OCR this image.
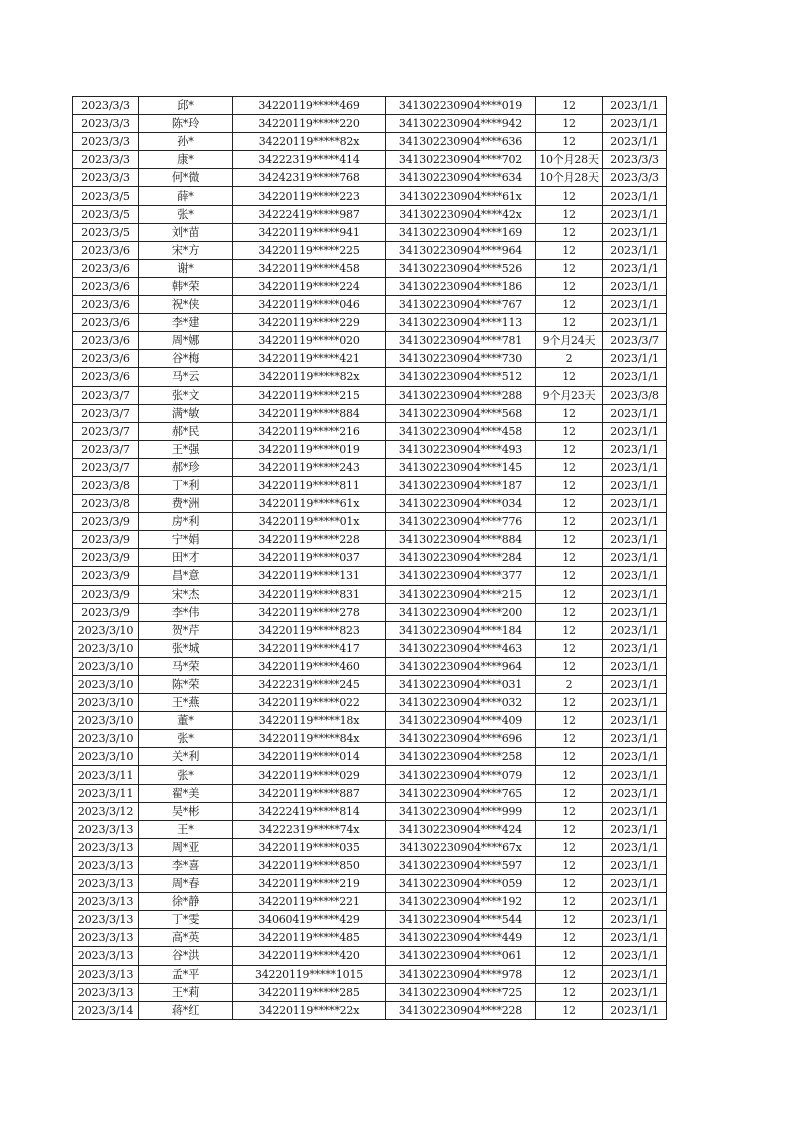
2023/3/3	邱*	34220119*****469	341302230904****019	12	2023/1/1
2023/3/3	陈*玲	34220119*****220	341302230904****942	12	2023/1/1
2023/3/3	孙*	34220119*****82x	341302230904****636	12	2023/1/1
2023/3/3	康*	34222319*****414	341302230904****702	10个月28天	2023/3/3
2023/3/3	何*微	34242319*****768	341302230904****634	10个月28天	2023/3/3
2023/3/5	薛*	34220119*****223	341302230904****61x	12	2023/1/1
2023/3/5	张*	34222419*****987	341302230904****42x	12	2023/1/1
2023/3/5	刘*苗	34220119*****941	341302230904****169	12	2023/1/1
2023/3/6	宋*方	34220119*****225	341302230904****964	12	2023/1/1
2023/3/6	谢*	34220119*****458	341302230904****526	12	2023/1/1
2023/3/6	韩*荣	34220119*****224	341302230904****186	12	2023/1/1
2023/3/6	祝*侠	34220119*****046	341302230904****767	12	2023/1/1
2023/3/6	李*建	34220119*****229	341302230904****113	12	2023/1/1
2023/3/6	周*娜	34220119*****020	341302230904****781	9个月24天	2023/3/7
2023/3/6	谷*梅	34220119*****421	341302230904****730	2	2023/1/1
2023/3/6	马*云	34220119*****82x	341302230904****512	12	2023/1/1
2023/3/7	张*文	34220119*****215	341302230904****288	9个月23天	2023/3/8
2023/3/7	满*敏	34220119*****884	341302230904****568	12	2023/1/1
2023/3/7	郝*民	34220119*****216	341302230904****458	12	2023/1/1
2023/3/7	王*强	34220119*****019	341302230904****493	12	2023/1/1
2023/3/7	郝*珍	34220119*****243	341302230904****145	12	2023/1/1
2023/3/8	丁*利	34220119*****811	341302230904****187	12	2023/1/1
2023/3/8	费*洲	34220119*****61x	341302230904****034	12	2023/1/1
2023/3/9	房*利	34220119*****01x	341302230904****776	12	2023/1/1
2023/3/9	宁*娟	34220119*****228	341302230904****884	12	2023/1/1
2023/3/9	田*才	34220119*****037	341302230904****284	12	2023/1/1
2023/3/9	昌*意	34220119*****131	341302230904****377	12	2023/1/1
2023/3/9	宋*杰	34220119*****831	341302230904****215	12	2023/1/1
2023/3/9	李*伟	34220119*****278	341302230904****200	12	2023/1/1
2023/3/10	贺*芹	34220119*****823	341302230904****184	12	2023/1/1
2023/3/10	张*城	34220119*****417	341302230904****463	12	2023/1/1
2023/3/10	马*荣	34220119*****460	341302230904****964	12	2023/1/1
2023/3/10	陈*荣	34222319*****245	341302230904****031	2	2023/1/1
2023/3/10	王*燕	34220119*****022	341302230904****032	12	2023/1/1
2023/3/10	董*	34220119*****18x	341302230904****409	12	2023/1/1
2023/3/10	张*	34220119*****84x	341302230904****696	12	2023/1/1
2023/3/10	关*利	34220119*****014	341302230904****258	12	2023/1/1
2023/3/11	张*	34220119*****029	341302230904****079	12	2023/1/1
2023/3/11	翟*美	34220119*****887	341302230904****765	12	2023/1/1
2023/3/12	吴*彬	34222419*****814	341302230904****999	12	2023/1/1
2023/3/13	王*	34222319*****74x	341302230904****424	12	2023/1/1
2023/3/13	周*亚	34220119*****035	341302230904****67x	12	2023/1/1
2023/3/13	李*喜	34220119*****850	341302230904****597	12	2023/1/1
2023/3/13	周*春	34220119*****219	341302230904****059	12	2023/1/1
2023/3/13	徐*静	34220119*****221	341302230904****192	12	2023/1/1
2023/3/13	丁*雯	34060419*****429	341302230904****544	12	2023/1/1
2023/3/13	高*英	34220119*****485	341302230904****449	12	2023/1/1
2023/3/13	谷*洪	34220119*****420	341302230904****061	12	2023/1/1
2023/3/13	孟*平	34220119*****1015	341302230904****978	12	2023/1/1
2023/3/13	王*莉	34220119*****285	341302230904****725	12	2023/1/1
2023/3/14	蒋*红	34220119*****22x	341302230904****228	12	2023/1/1
